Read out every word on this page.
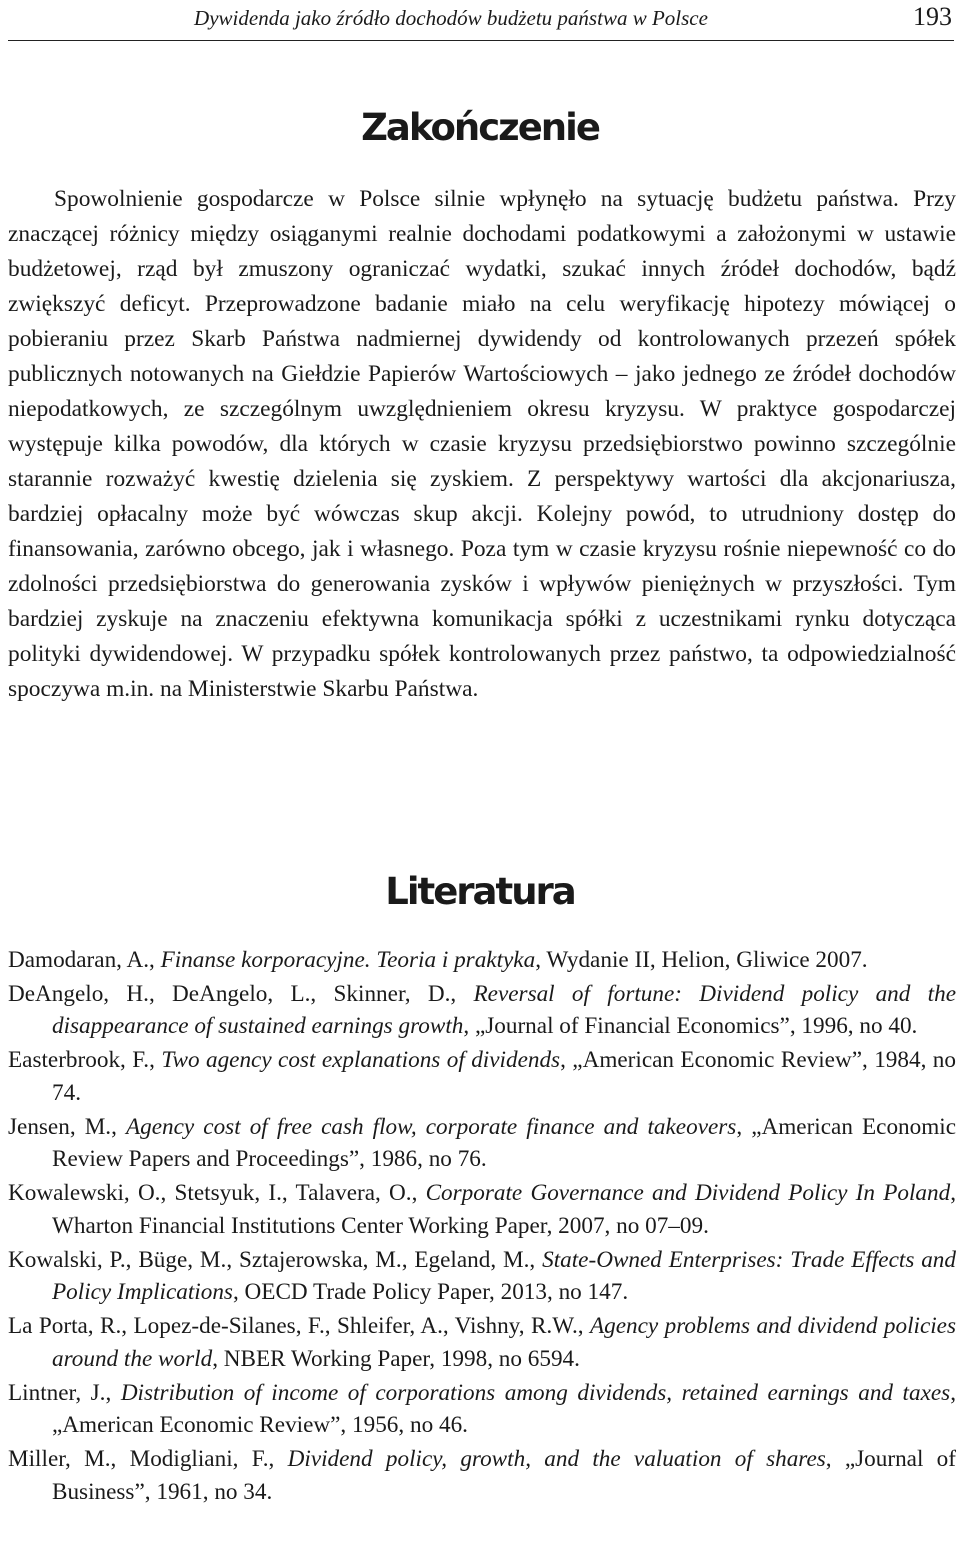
Dywidenda jako źródło dochodów budżetu państwa w Polsce	193
Zakończenie

Spowolnienie gospodarcze w Polsce silnie wpłynęło na sytuację budżetu państwa. Przy znaczącej różnicy między osiąganymi realnie dochodami podatkowymi a założonymi w ustawie budżetowej, rząd był zmuszony ograniczać wydatki, szukać innych źródeł dochodów, bądź zwiększyć deficyt. Przeprowadzone badanie miało na celu weryfikację hipotezy mówiącej o pobieraniu przez Skarb Państwa nadmiernej dywidendy od kontrolowanych przezeń spółek publicznych notowanych na Giełdzie Papierów Wartościowych – jako jednego ze źródeł dochodów niepodatkowych, ze szczególnym uwzględnieniem okresu kryzysu. W praktyce gospodarczej występuje kilka powodów, dla których w czasie kryzysu przedsiębiorstwo powinno szczególnie starannie rozważyć kwestię dzielenia się zyskiem. Z perspektywy wartości dla akcjonariusza, bardziej opłacalny może być wówczas skup akcji. Kolejny powód, to utrudniony dostęp do finansowania, zarówno obcego, jak i własnego. Poza tym w czasie kryzysu rośnie niepewność co do zdolności przedsiębiorstwa do generowania zysków i wpływów pieniężnych w przyszłości. Tym bardziej zyskuje na znaczeniu efektywna komunikacja spółki z uczestnikami rynku dotycząca polityki dywidendowej. W przypadku spółek kontrolowanych przez państwo, ta odpowiedzialność spoczywa m.in. na Ministerstwie Skarbu Państwa.

Literatura
Damodaran, A., Finanse korporacyjne. Teoria i praktyka, Wydanie II, Helion, Gliwice 2007.
DeAngelo, H., DeAngelo, L., Skinner, D., Reversal of fortune: Dividend policy and the disappearance of sustained earnings growth, „Journal of Financial Economics”, 1996, no 40.
Easterbrook, F., Two agency cost explanations of dividends, „American Economic Review”, 1984, no 74.
Jensen, M., Agency cost of free cash flow, corporate finance and takeovers, „American Economic Review Papers and Proceedings”, 1986, no 76.
Kowalewski, O., Stetsyuk, I., Talavera, O., Corporate Governance and Dividend Policy In Poland, Wharton Financial Institutions Center Working Paper, 2007, no 07–09.
Kowalski, P., Büge, M., Sztajerowska, M., Egeland, M., State-Owned Enterprises: Trade Effects and Policy Implications, OECD Trade Policy Paper, 2013, no 147.
La Porta, R., Lopez-de-Silanes, F., Shleifer, A., Vishny, R.W., Agency problems and dividend policies around the world, NBER Working Paper, 1998, no 6594.
Lintner, J., Distribution of income of corporations among dividends, retained earnings and taxes, „American Economic Review”, 1956, no 46.
Miller, M., Modigliani, F., Dividend policy, growth, and the valuation of shares, „Journal of Business”, 1961, no 34.
